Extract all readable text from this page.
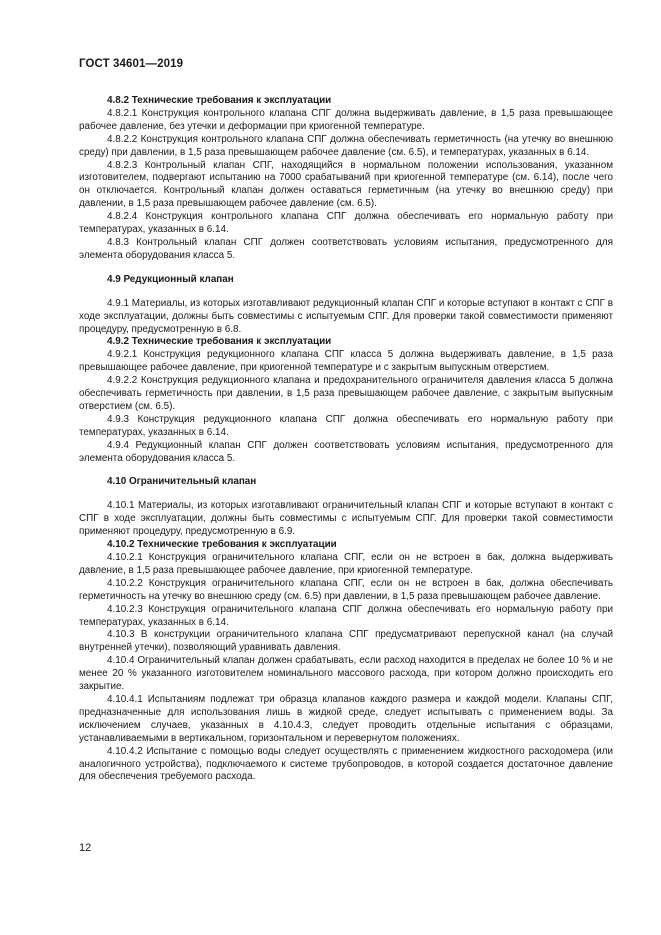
ГОСТ 34601—2019

4.8.2 Технические требования к эксплуатации

4.8.2.1 Конструкция контрольного клапана СПГ должна выдерживать давление, в 1,5 раза превышающее рабочее давление, без утечки и деформации при криогенной температуре.

4.8.2.2 Конструкция контрольного клапана СПГ должна обеспечивать герметичность (на утечку во внешнюю среду) при давлении, в 1,5 раза превышающем рабочее давление (см. 6.5), и температурах, указанных в 6.14.

4.8.2.3 Контрольный клапан СПГ, находящийся в нормальном положении использования, указанном изготовителем, подвергают испытанию на 7000 срабатываний при криогенной температуре (см. 6.14), после чего он отключается. Контрольный клапан должен оставаться герметичным (на утечку во внешнюю среду) при давлении, в 1,5 раза превышающем рабочее давление (см. 6.5).

4.8.2.4 Конструкция контрольного клапана СПГ должна обеспечивать его нормальную работу при температурах, указанных в 6.14.

4.8.3 Контрольный клапан СПГ должен соответствовать условиям испытания, предусмотренного для элемента оборудования класса 5.

4.9 Редукционный клапан

4.9.1 Материалы, из которых изготавливают редукционный клапан СПГ и которые вступают в контакт с СПГ в ходе эксплуатации, должны быть совместимы с испытуемым СПГ. Для проверки такой совместимости применяют процедуру, предусмотренную в 6.8.

4.9.2 Технические требования к эксплуатации

4.9.2.1 Конструкция редукционного клапана СПГ класса 5 должна выдерживать давление, в 1,5 раза превышающее рабочее давление, при криогенной температуре и с закрытым выпускным отверстием.

4.9.2.2 Конструкция редукционного клапана и предохранительного ограничителя давления класса 5 должна обеспечивать герметичность при давлении, в 1,5 раза превышающем рабочее давление, с закрытым выпускным отверстием (см. 6.5).

4.9.3 Конструкция редукционного клапана СПГ должна обеспечивать его нормальную работу при температурах, указанных в 6.14.

4.9.4 Редукционный клапан СПГ должен соответствовать условиям испытания, предусмотренного для элемента оборудования класса 5.

4.10 Ограничительный клапан

4.10.1 Материалы, из которых изготавливают ограничительный клапан СПГ и которые вступают в контакт с СПГ в ходе эксплуатации, должны быть совместимы с испытуемым СПГ. Для проверки такой совместимости применяют процедуру, предусмотренную в 6.9.

4.10.2 Технические требования к эксплуатации

4.10.2.1 Конструкция ограничительного клапана СПГ, если он не встроен в бак, должна выдерживать давление, в 1,5 раза превышающее рабочее давление, при криогенной температуре.

4.10.2.2 Конструкция ограничительного клапана СПГ, если он не встроен в бак, должна обеспечивать герметичность на утечку во внешнюю среду (см. 6.5) при давлении, в 1,5 раза превышающем рабочее давление.

4.10.2.3 Конструкция ограничительного клапана СПГ должна обеспечивать его нормальную работу при температурах, указанных в 6.14.

4.10.3 В конструкции ограничительного клапана СПГ предусматривают перепускной канал (на случай внутренней утечки), позволяющий уравнивать давления.

4.10.4 Ограничительный клапан должен срабатывать, если расход находится в пределах не более 10 % и не менее 20 % указанного изготовителем номинального массового расхода, при котором должно происходить его закрытие.

4.10.4.1 Испытаниям подлежат три образца клапанов каждого размера и каждой модели. Клапаны СПГ, предназначенные для использования лишь в жидкой среде, следует испытывать с применением воды. За исключением случаев, указанных в 4.10.4.3, следует проводить отдельные испытания с образцами, устанавливаемыми в вертикальном, горизонтальном и перевернутом положениях.

4.10.4.2 Испытание с помощью воды следует осуществлять с применением жидкостного расходомера (или аналогичного устройства), подключаемого к системе трубопроводов, в которой создается достаточное давление для обеспечения требуемого расхода.

12
